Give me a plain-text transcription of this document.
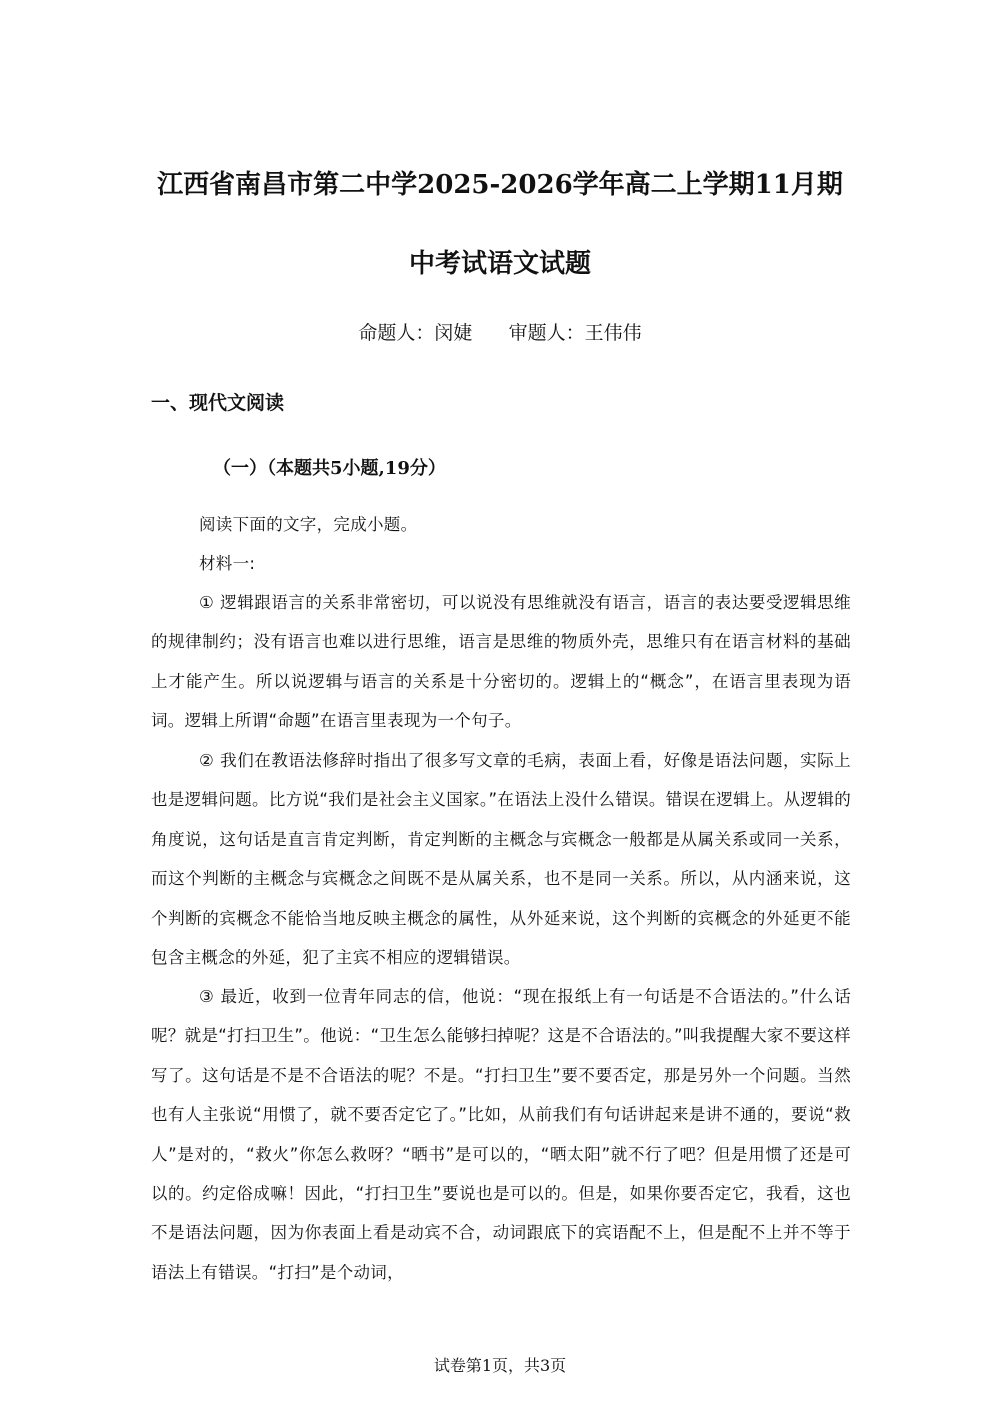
江西省南昌市第二中学2025-2026学年高二上学期11月期
中考试语文试题
命题人：闵婕      审题人：王伟伟
一、现代文阅读
（一）（本题共5小题,19分）

阅读下面的文字，完成小题。

材料一:

① 逻辑跟语言的关系非常密切，可以说没有思维就没有语言，语言的表达要受逻辑思维的规律制约；没有语言也难以进行思维，语言是思维的物质外壳，思维只有在语言材料的基础上才能产生。所以说逻辑与语言的关系是十分密切的。逻辑上的“概念”，在语言里表现为语词。逻辑上所谓“命题”在语言里表现为一个句子。

② 我们在教语法修辞时指出了很多写文章的毛病，表面上看，好像是语法问题，实际上也是逻辑问题。比方说“我们是社会主义国家。”在语法上没什么错误。错误在逻辑上。从逻辑的角度说，这句话是直言肯定判断，肯定判断的主概念与宾概念一般都是从属关系或同一关系，而这个判断的主概念与宾概念之间既不是从属关系，也不是同一关系。所以，从内涵来说，这个判断的宾概念不能恰当地反映主概念的属性，从外延来说，这个判断的宾概念的外延更不能包含主概念的外延，犯了主宾不相应的逻辑错误。

③ 最近，收到一位青年同志的信，他说：“现在报纸上有一句话是不合语法的。”什么话呢？就是“打扫卫生”。他说：“卫生怎么能够扫掉呢？这是不合语法的。”叫我提醒大家不要这样写了。这句话是不是不合语法的呢？不是。“打扫卫生”要不要否定，那是另外一个问题。当然也有人主张说“用惯了，就不要否定它了。”比如，从前我们有句话讲起来是讲不通的，要说“救人”是对的，“救火”你怎么救呀？“晒书”是可以的，“晒太阳”就不行了吧？但是用惯了还是可以的。约定俗成嘛！因此，“打扫卫生”要说也是可以的。但是，如果你要否定它，我看，这也不是语法问题，因为你表面上看是动宾不合，动词跟底下的宾语配不上，但是配不上并不等于语法上有错误。“打扫”是个动词，

试卷第1页，共3页
